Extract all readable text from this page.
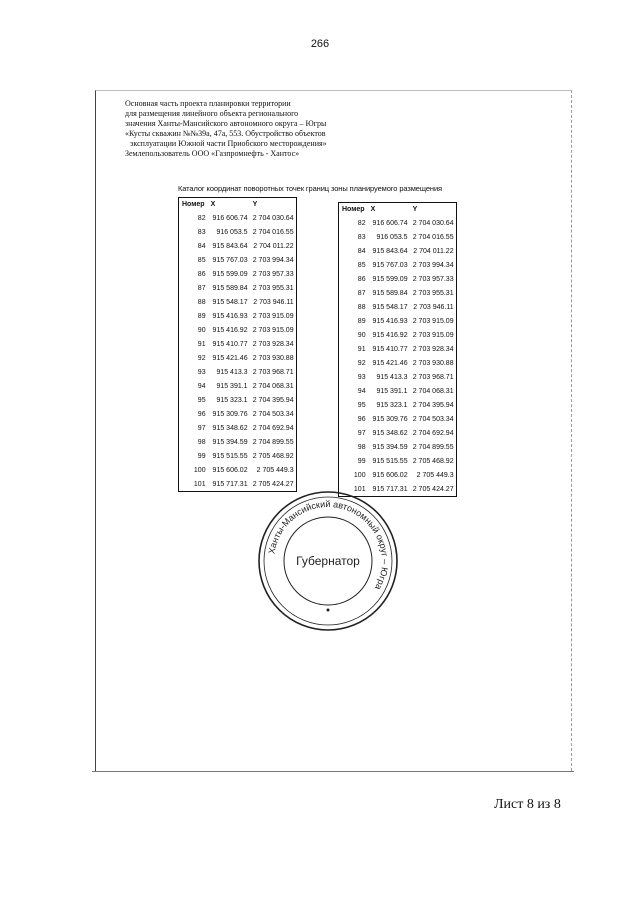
266
Основная часть проекта планировки территории
для размещения линейного объекта регионального
значения Ханты-Мансийского автономного округа – Югры
«Кусты скважин №№39а, 47а, 553. Обустройство объектов
эксплуатации Южной части Приобского месторождения»
Землепользователь ООО «Газпромнефть - Хантос»
Каталог координат поворотных точек границ зоны планируемого размещения
Номер	X	Y
82	916 606.74	2 704 030.64
83	916 053.5	2 704 016.55
84	915 843.64	2 704 011.22
85	915 767.03	2 703 994.34
86	915 599.09	2 703 957.33
87	915 589.84	2 703 955.31
88	915 548.17	2 703 946.11
89	915 416.93	2 703 915.09
90	915 416.92	2 703 915.09
91	915 410.77	2 703 928.34
92	915 421.46	2 703 930.88
93	915 413.3	2 703 968.71
94	915 391.1	2 704 068.31
95	915 323.1	2 704 395.94
96	915 309.76	2 704 503.34
97	915 348.62	2 704 692.94
98	915 394.59	2 704 899.55
99	915 515.55	2 705 468.92
100	915 606.02	2 705 449.3
101	915 717.31	2 705 424.27
Номер	X	Y
82	916 606.74	2 704 030.64
83	916 053.5	2 704 016.55
84	915 843.64	2 704 011.22
85	915 767.03	2 703 994.34
86	915 599.09	2 703 957.33
87	915 589.84	2 703 955.31
88	915 548.17	2 703 946.11
89	915 416.93	2 703 915.09
90	915 416.92	2 703 915.09
91	915 410.77	2 703 928.34
92	915 421.46	2 703 930.88
93	915 413.3	2 703 968.71
94	915 391.1	2 704 068.31
95	915 323.1	2 704 395.94
96	915 309.76	2 704 503.34
97	915 348.62	2 704 692.94
98	915 394.59	2 704 899.55
99	915 515.55	2 705 468.92
100	915 606.02	2 705 449.3
101	915 717.31	2 705 424.27
Ханты-Мансийский автономный округ – Югра
Губернатор
Лист 8 из 8
